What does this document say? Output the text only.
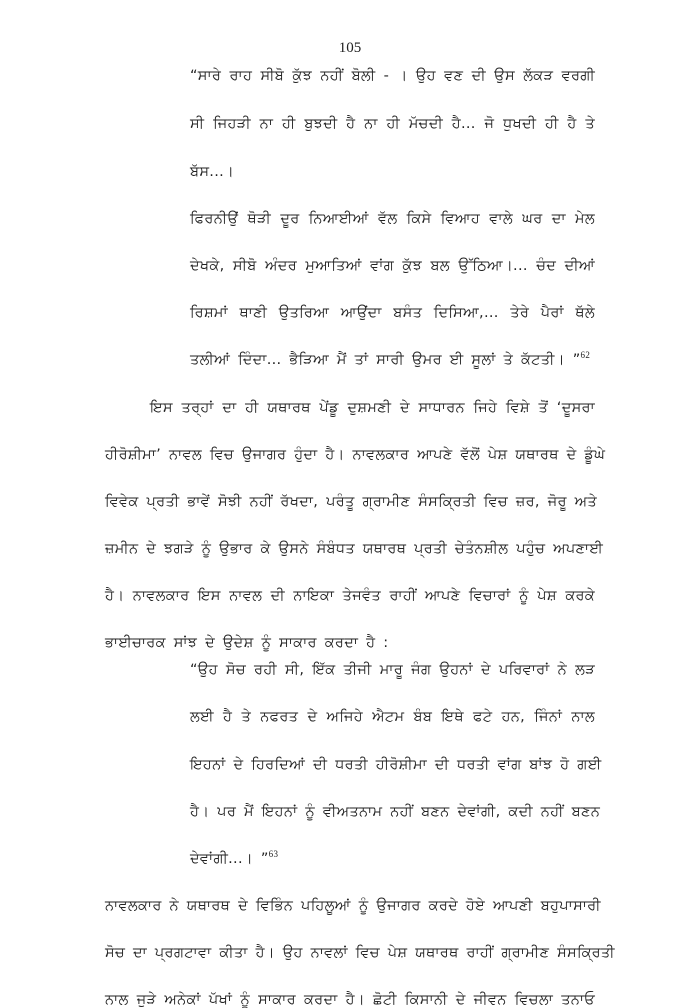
105
“ਸਾਰੇ ਰਾਹ ਸੀਬੋ ਕੁੱਝ ਨਹੀਂ ਬੋਲੀ - । ਉਹ ਵਣ ਦੀ ਉਸ ਲੱਕੜ ਵਰਗੀ
ਸੀ ਜਿਹੜੀ ਨਾ ਹੀ ਬੁਝਦੀ ਹੈ ਨਾ ਹੀ ਮੱਚਦੀ ਹੈ... ਜੋ ਧੁਖਦੀ ਹੀ ਹੈ ਤੇ
ਬੱਸ...।
ਫਿਰਨੀਉਂ ਥੋੜੀ ਦੂਰ ਨਿਆਈਆਂ ਵੱਲ ਕਿਸੇ ਵਿਆਹ ਵਾਲੇ ਘਰ ਦਾ ਮੇਲ
ਦੇਖਕੇ, ਸੀਬੋ ਅੰਦਰ ਮੁਆਤਿਆਂ ਵਾਂਗ ਕੁੱਝ ਬਲ ਉੱਠਿਆ।... ਚੰਦ ਦੀਆਂ
ਰਿਸ਼ਮਾਂ ਥਾਣੀ ਉਤਰਿਆ ਆਉਂਦਾ ਬਸੰਤ ਦਿਸਿਆ,... ਤੇਰੇ ਪੈਰਾਂ ਥੱਲੇ
ਤਲੀਆਂ ਦਿੰਦਾ... ਭੈੜਿਆ ਮੈਂ ਤਾਂ ਸਾਰੀ ਉਮਰ ਈ ਸੂਲਾਂ ਤੇ ਕੱਟਤੀ। ”$^{62}$
ਇਸ ਤਰ੍ਹਾਂ ਦਾ ਹੀ ਯਥਾਰਥ ਪੇਂਡੂ ਦੁਸ਼ਮਣੀ ਦੇ ਸਾਧਾਰਨ ਜਿਹੇ ਵਿਸ਼ੇ ਤੋਂ ‘ਦੂਸਰਾ
ਹੀਰੋਸ਼ੀਮਾ’ ਨਾਵਲ ਵਿਚ ਉਜਾਗਰ ਹੁੰਦਾ ਹੈ। ਨਾਵਲਕਾਰ ਆਪਣੇ ਵੱਲੋਂ ਪੇਸ਼ ਯਥਾਰਥ ਦੇ ਡੂੰਘੇ
ਵਿਵੇਕ ਪ੍ਰਤੀ ਭਾਵੇਂ ਸੋਝੀ ਨਹੀਂ ਰੱਖਦਾ, ਪਰੰਤੂ ਗ੍ਰਾਮੀਣ ਸੰਸਕ੍ਰਿਤੀ ਵਿਚ ਜ਼ਰ, ਜੋਰੂ ਅਤੇ
ਜ਼ਮੀਨ ਦੇ ਝਗੜੇ ਨੂੰ ਉਭਾਰ ਕੇ ਉਸਨੇ ਸੰਬੰਧਤ ਯਥਾਰਥ ਪ੍ਰਤੀ ਚੇਤੰਨਸ਼ੀਲ ਪਹੁੰਚ ਅਪਣਾਈ
ਹੈ। ਨਾਵਲਕਾਰ ਇਸ ਨਾਵਲ ਦੀ ਨਾਇਕਾ ਤੇਜਵੰਤ ਰਾਹੀਂ ਆਪਣੇ ਵਿਚਾਰਾਂ ਨੂੰ ਪੇਸ਼ ਕਰਕੇ
ਭਾਈਚਾਰਕ ਸਾਂਝ ਦੇ ਉਦੇਸ਼ ਨੂੰ ਸਾਕਾਰ ਕਰਦਾ ਹੈ :
“ਉਹ ਸੋਚ ਰਹੀ ਸੀ, ਇੱਕ ਤੀਜੀ ਮਾਰੂ ਜੰਗ ਉਹਨਾਂ ਦੇ ਪਰਿਵਾਰਾਂ ਨੇ ਲੜ
ਲਈ ਹੈ ਤੇ ਨਫਰਤ ਦੇ ਅਜਿਹੇ ਐਟਮ ਬੰਬ ਇਥੇ ਫਟੇ ਹਨ, ਜਿੰਨਾਂ ਨਾਲ
ਇਹਨਾਂ ਦੇ ਹਿਰਦਿਆਂ ਦੀ ਧਰਤੀ ਹੀਰੋਸ਼ੀਮਾ ਦੀ ਧਰਤੀ ਵਾਂਗ ਬਾਂਝ ਹੋ ਗਈ
ਹੈ। ਪਰ ਮੈਂ ਇਹਨਾਂ ਨੂੰ ਵੀਅਤਨਾਮ ਨਹੀਂ ਬਣਨ ਦੇਵਾਂਗੀ, ਕਦੀ ਨਹੀਂ ਬਣਨ
ਦੇਵਾਂਗੀ...। ”$^{63}$
ਨਾਵਲਕਾਰ ਨੇ ਯਥਾਰਥ ਦੇ ਵਿਭਿੰਨ ਪਹਿਲੂਆਂ ਨੂੰ ਉਜਾਗਰ ਕਰਦੇ ਹੋਏ ਆਪਣੀ ਬਹੁਪਾਸਾਰੀ
ਸੋਚ ਦਾ ਪ੍ਰਗਟਾਵਾ ਕੀਤਾ ਹੈ। ਉਹ ਨਾਵਲਾਂ ਵਿਚ ਪੇਸ਼ ਯਥਾਰਥ ਰਾਹੀਂ ਗ੍ਰਾਮੀਣ ਸੰਸਕ੍ਰਿਤੀ
ਨਾਲ ਜੁੜੇ ਅਨੇਕਾਂ ਪੱਖਾਂ ਨੂੰ ਸਾਕਾਰ ਕਰਦਾ ਹੈ। ਛੋਟੀ ਕਿਸਾਨੀ ਦੇ ਜੀਵਨ ਵਿਚਲਾ ਤਨਾਓ
